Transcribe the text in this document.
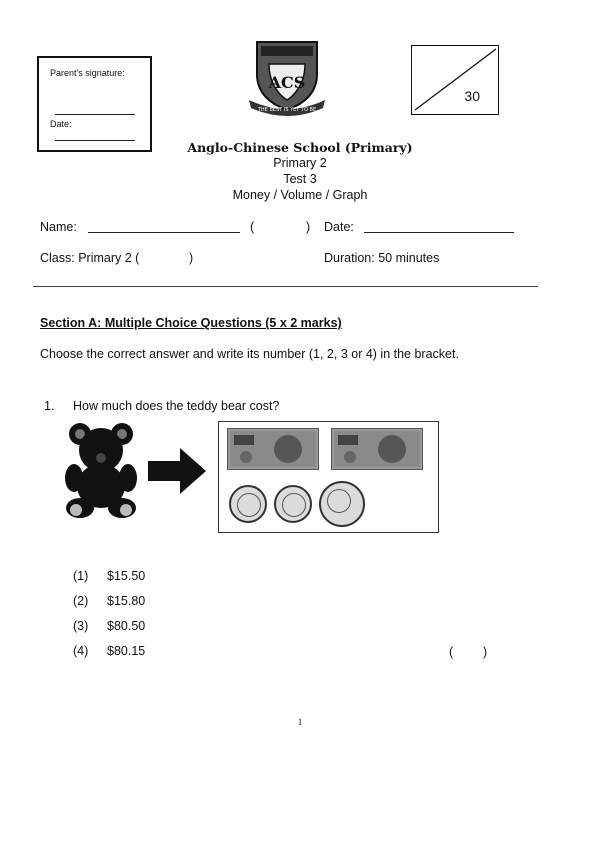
Parent's signature:
Date:
ACS
THE BEST IS YET TO BE
30
Anglo-Chinese School (Primary)
Primary 2
Test 3
Money / Volume / Graph
Name:	(	) Date:
Class: Primary 2 (	)	Duration: 50 minutes
Section A: Multiple Choice Questions (5 x 2 marks)
Choose the correct answer and write its number (1, 2, 3 or 4) in the bracket.
1. How much does the teddy bear cost?
(1) $15.50
(2) $15.80
(3) $80.50
(4) $80.15	( )
1
